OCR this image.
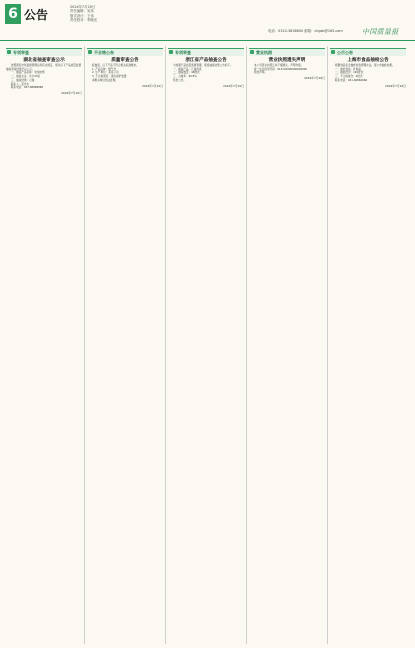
6 公告
2024年7月20日
责任编辑：吴玮
版式设计：王伟
责任校对：李晓光
电话：0310-3836600 邮箱：chgsb@163.com	中国质量报
专项审查

湖北省抽查审查公示

按照国家市场监督管理总局有关规定，现对以下产品质量监督抽查审查结果予以公示。

一、抽查产品名称：电线电缆

二、抽查企业：共计25家

三、抽查结果：合格

联系人：张先生

联系电话：027-88888888

2024年7月10日
不合格公告

质量审查公告

经抽查，以下产品不符合相关标准要求。

1. 产品名称：燃气灶

2. 生产单位：某某公司

3. 不合格项目：熄火保护装置

请相关单位依法处理。

2024年7月12日
专项审查

浙江省产品抽查公告

为加强产品质量监督管理，现将抽查结果公告如下。

一、抽查产品：儿童玩具

二、抽查数量：48批次

三、合格率：95.8%

特此公告。

2024年7月15日
营业执照

营业执照遗失声明

本公司营业执照正本不慎遗失，声明作废。

统一社会信用代码：913101000000000000

特此声明。

2024年7月18日
公示公告

上海市食品抽检公告

根据食品安全抽样检验管理办法，现公布抽检结果。

一、抽检食品：乳制品

二、抽检批次：120批次

三、不合格批次：2批次

联系电话：021-66666666

2024年7月19日
